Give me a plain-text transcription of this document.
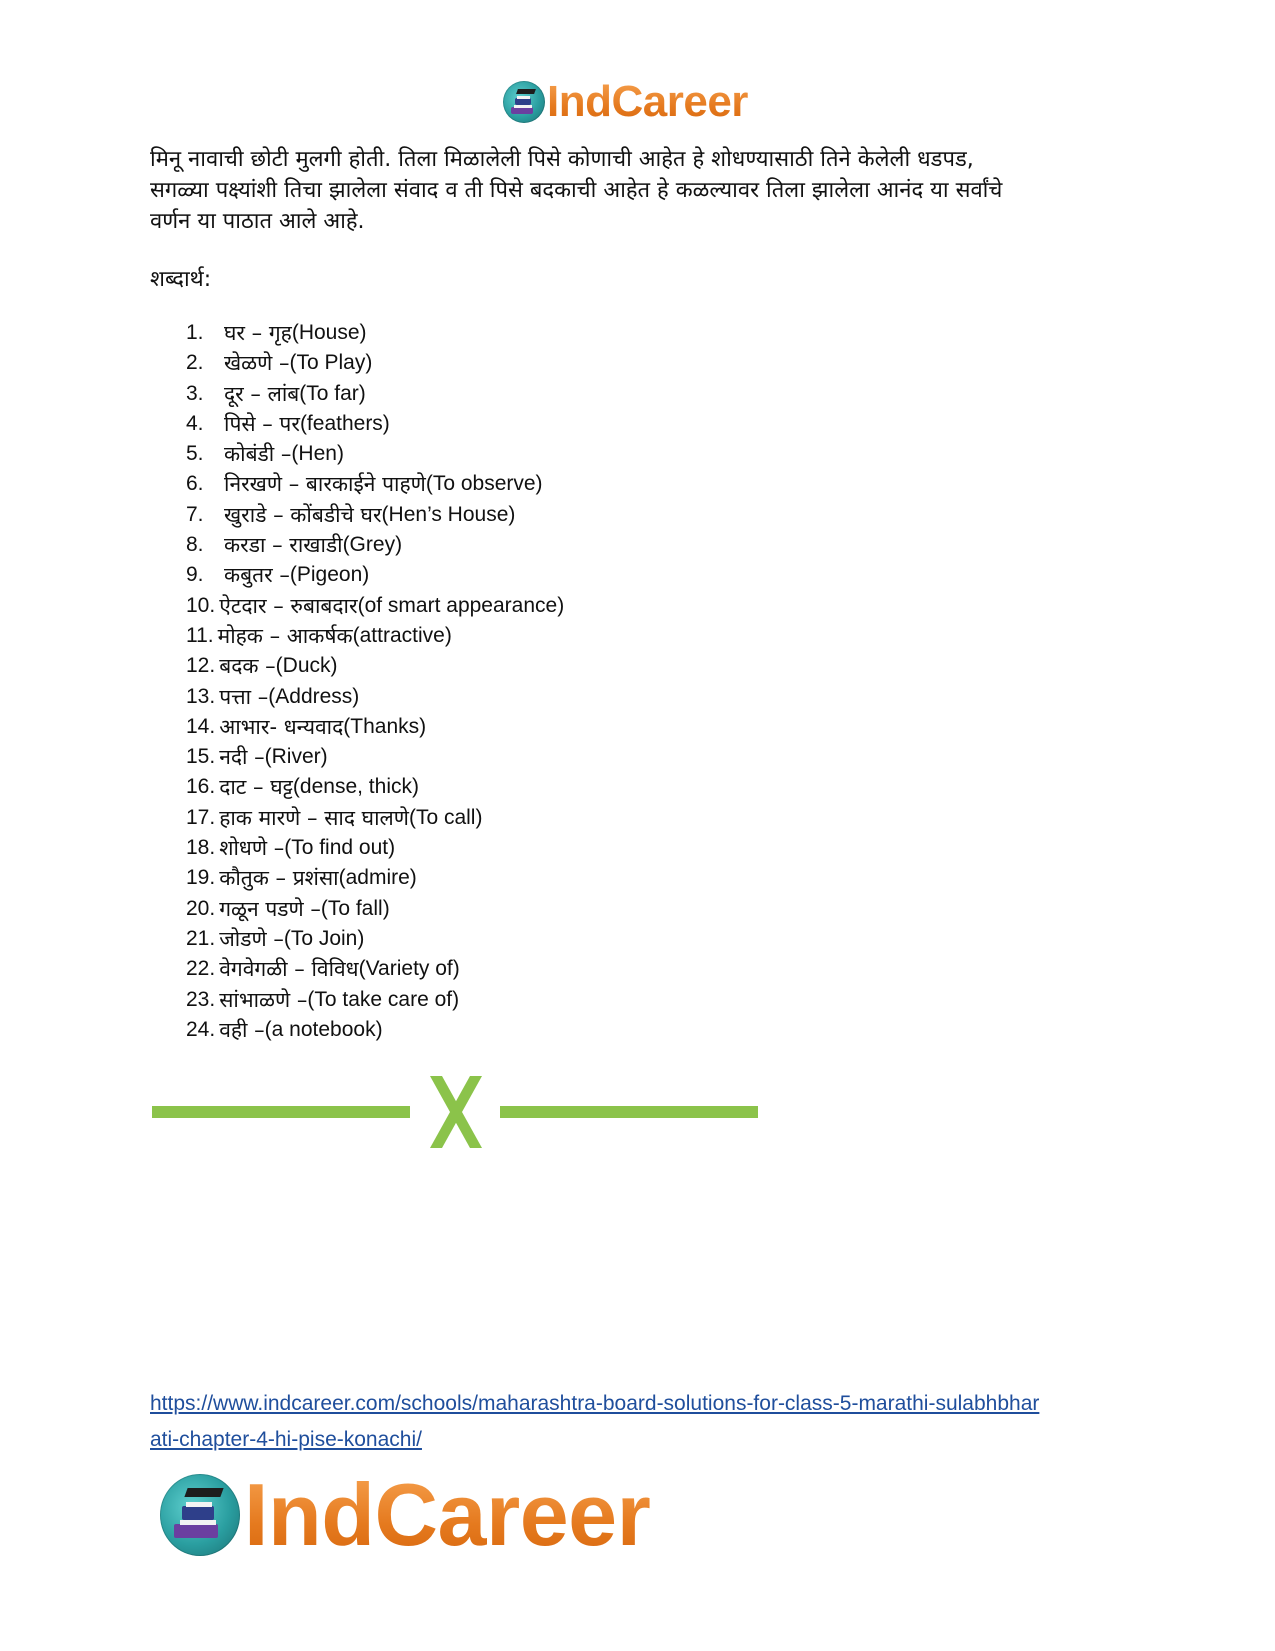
IndCareer
मिनू नावाची छोटी मुलगी होती. तिला मिळालेली पिसे कोणाची आहेत हे शोधण्यासाठी तिने केलेली धडपड,
सगळ्या पक्ष्यांशी तिचा झालेला संवाद व ती पिसे बदकाची आहेत हे कळल्यावर तिला झालेला आनंद या सर्वांचे
वर्णन या पाठात आले आहे.
शब्दार्थ:
1. घर – गृह (House)
2. खेळणे – (To Play)
3. दूर – लांब (To far)
4. पिसे – पर (feathers)
5. कोबंडी – (Hen)
6. निरखणे – बारकाईने पाहणे (To observe)
7. खुराडे – कोंबडीचे घर (Hen’s House)
8. करडा – राखाडी (Grey)
9. कबुतर – (Pigeon)
10. ऐटदार – रुबाबदार (of smart appearance)
11. मोहक – आकर्षक (attractive)
12. बदक – (Duck)
13. पत्ता – (Address)
14. आभार- धन्यवाद (Thanks)
15. नदी – (River)
16. दाट – घट्ट (dense, thick)
17. हाक मारणे – साद घालणे (To call)
18. शोधणे – (To find out)
19. कौतुक – प्रशंसा (admire)
20. गळून पडणे – (To fall)
21. जोडणे – (To Join)
22. वेगवेगळी – विविध (Variety of)
23. सांभाळणे – (To take care of)
24. वही – (a notebook)
https://www.indcareer.com/schools/maharashtra-board-solutions-for-class-5-marathi-sulabhbhar
ati-chapter-4-hi-pise-konachi/
IndCareer
